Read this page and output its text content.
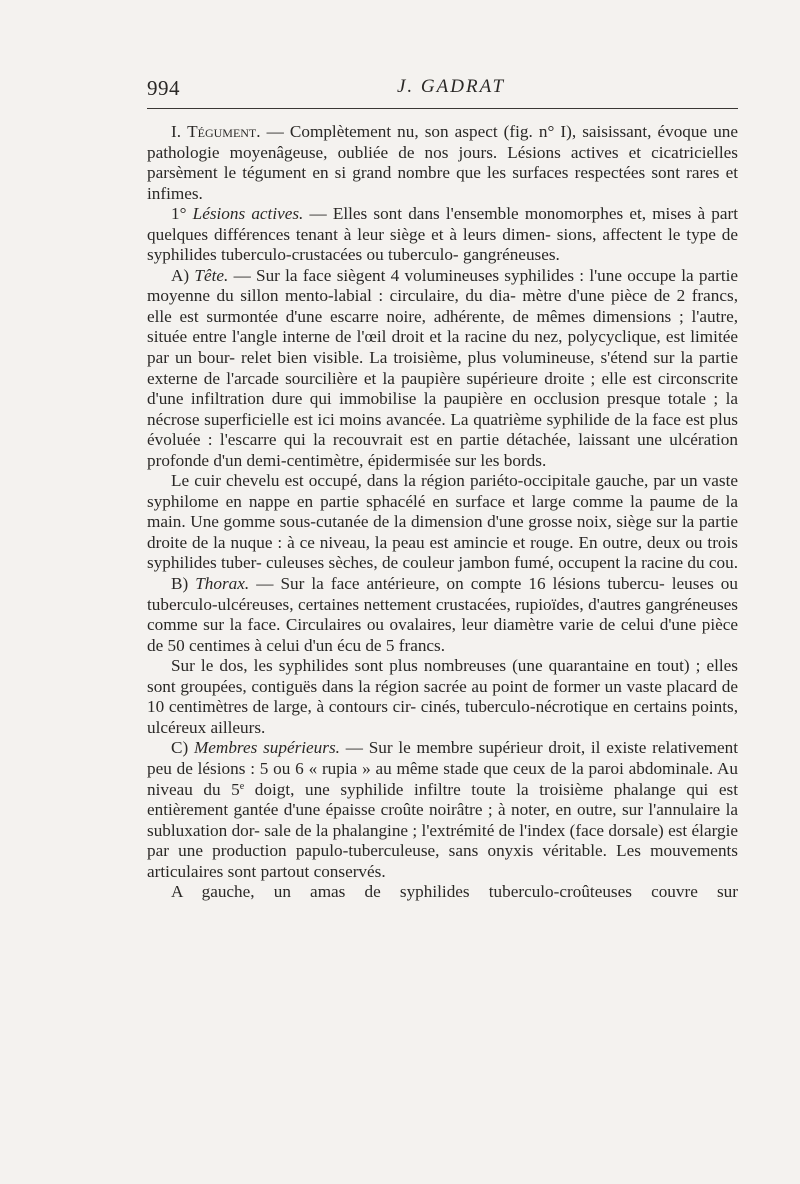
994	J. GADRAT

I. Tégument. — Complètement nu, son aspect (fig. n° I), saisissant, évoque une pathologie moyenâgeuse, oubliée de nos jours. Lésions actives et cicatricielles parsèment le tégument en si grand nombre que les surfaces respectées sont rares et infimes.

1° Lésions actives. — Elles sont dans l'ensemble monomorphes et, mises à part quelques différences tenant à leur siège et à leurs dimen- sions, affectent le type de syphilides tuberculo-crustacées ou tuberculo- gangréneuses.

A) Tête. — Sur la face siègent 4 volumineuses syphilides : l'une occupe la partie moyenne du sillon mento-labial : circulaire, du dia- mètre d'une pièce de 2 francs, elle est surmontée d'une escarre noire, adhérente, de mêmes dimensions ; l'autre, située entre l'angle interne de l'œil droit et la racine du nez, polycyclique, est limitée par un bour- relet bien visible. La troisième, plus volumineuse, s'étend sur la partie externe de l'arcade sourcilière et la paupière supérieure droite ; elle est circonscrite d'une infiltration dure qui immobilise la paupière en occlusion presque totale ; la nécrose superficielle est ici moins avancée. La quatrième syphilide de la face est plus évoluée : l'escarre qui la recouvrait est en partie détachée, laissant une ulcération profonde d'un demi-centimètre, épidermisée sur les bords.

Le cuir chevelu est occupé, dans la région pariéto-occipitale gauche, par un vaste syphilome en nappe en partie sphacélé en surface et large comme la paume de la main. Une gomme sous-cutanée de la dimension d'une grosse noix, siège sur la partie droite de la nuque : à ce niveau, la peau est amincie et rouge. En outre, deux ou trois syphilides tuber- culeuses sèches, de couleur jambon fumé, occupent la racine du cou.

B) Thorax. — Sur la face antérieure, on compte 16 lésions tubercu- leuses ou tuberculo-ulcéreuses, certaines nettement crustacées, rupioïdes, d'autres gangréneuses comme sur la face. Circulaires ou ovalaires, leur diamètre varie de celui d'une pièce de 50 centimes à celui d'un écu de 5 francs.

Sur le dos, les syphilides sont plus nombreuses (une quarantaine en tout) ; elles sont groupées, contiguës dans la région sacrée au point de former un vaste placard de 10 centimètres de large, à contours cir- cinés, tuberculo-nécrotique en certains points, ulcéreux ailleurs.

C) Membres supérieurs. — Sur le membre supérieur droit, il existe relativement peu de lésions : 5 ou 6 « rupia » au même stade que ceux de la paroi abdominale. Au niveau du 5e doigt, une syphilide infiltre toute la troisième phalange qui est entièrement gantée d'une épaisse croûte noirâtre ; à noter, en outre, sur l'annulaire la subluxation dor- sale de la phalangine ; l'extrémité de l'index (face dorsale) est élargie par une production papulo-tuberculeuse, sans onyxis véritable. Les mouvements articulaires sont partout conservés.

A gauche, un amas de syphilides tuberculo-croûteuses couvre sur
